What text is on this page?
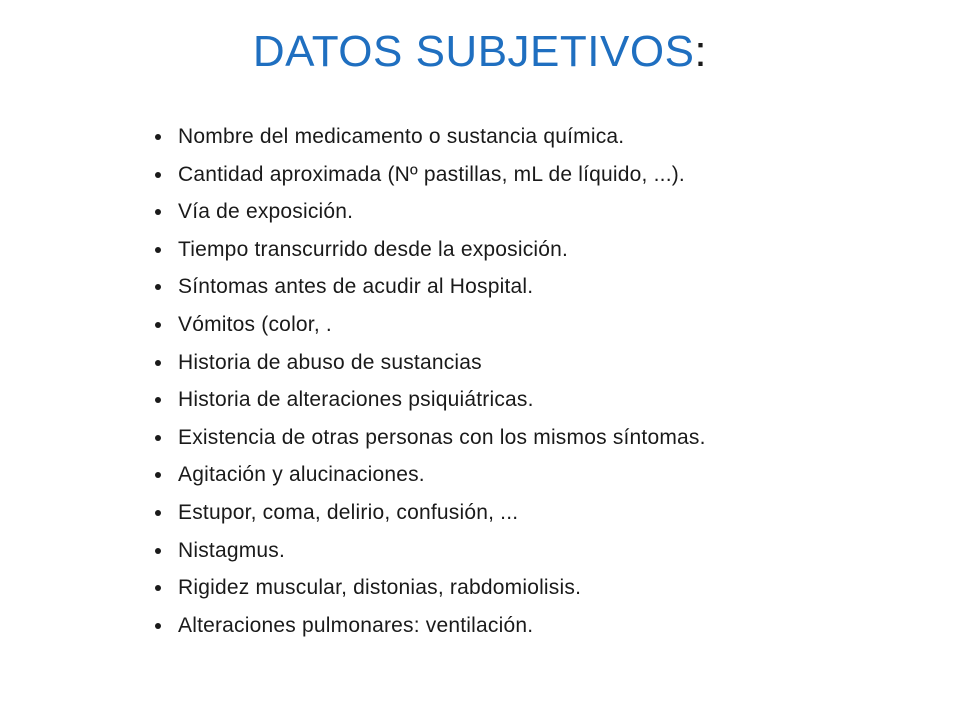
DATOS SUBJETIVOS:
Nombre del medicamento o sustancia química.
Cantidad aproximada (Nº pastillas, mL de líquido, ...).
Vía de exposición.
Tiempo transcurrido desde la exposición.
Síntomas antes de acudir al Hospital.
Vómitos (color, .
Historia de abuso de sustancias
Historia de alteraciones psiquiátricas.
Existencia de otras personas con los mismos síntomas.
Agitación y alucinaciones.
Estupor, coma, delirio, confusión, ...
Nistagmus.
Rigidez muscular, distonias, rabdomiolisis.
Alteraciones pulmonares: ventilación.
